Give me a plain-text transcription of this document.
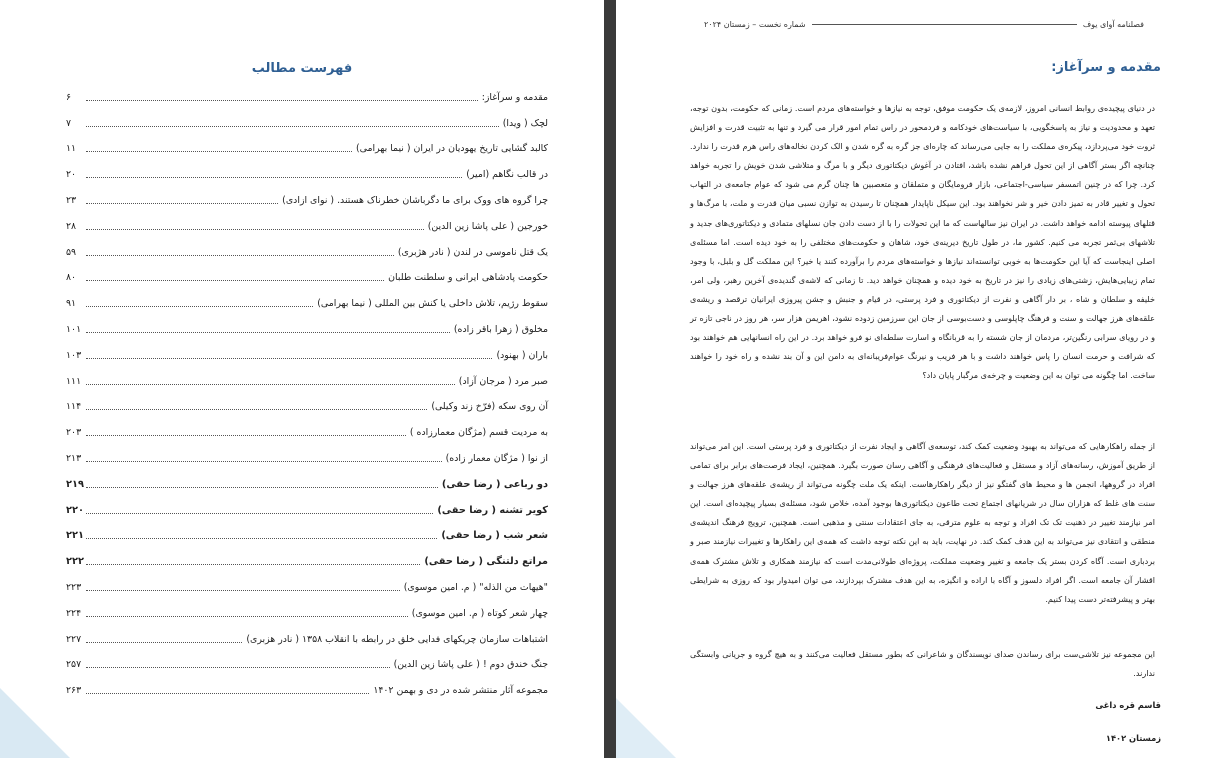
فهرست مطالب
مقدمه و سرآغاز:
۶
لچک ( ویدا)
۷
کالبد گشایی تاریخ یهودیان در ایران ( نیما بهرامی)
۱۱
در قالب نگاهم (امیر)
۲۰
چرا گروه های ووک برای ما دگرباشان خطرناک هستند. ( نوای ازادی)
۲۳
خورجین ( علی پاشا زین الدین)
۲۸
یک قتل ناموسی در لندن ( نادر هژبری)
۵۹
حکومت پادشاهی ایرانی و سلطنت طلبان
۸۰
سقوط رژیم، تلاش داخلی یا کنش بین المللی ( نیما بهرامی)
۹۱
مخلوق ( زهرا باقر زاده)
۱۰۱
باران ( بهنود)
۱۰۳
صبر مرد ( مرجان آزاد)
۱۱۱
آن روی سکه (فرّخ زند وکیلی)
۱۱۴
به مردیت قسم (مژگان معمارزاده )
۲۰۳
از نوا ( مژگان معمار زاده)
۲۱۳
دو رباعی ( رضا حقی)
۲۱۹
کویر تشنه ( رضا حقی)
۲۲۰
شعر شب ( رضا حقی)
۲۲۱
مراتع دلتنگی ( رضا حقی)
۲۲۲
"هیهات من الذله" ( م. امین موسوی)
۲۲۳
چهار شعر کوتاه ( م. امین موسوی)
۲۲۴
اشتباهات سازمان چریکهای فدایی خلق در رابطه با انقلاب ۱۳۵۸ ( نادر هزبری)
۲۲۷
جنگ خندق دوم ! ( علی پاشا زین الدین)
۲۵۷
مجموعه آثار منتشر شده در دی و بهمن ۱۴۰۲
۲۶۳
فصلنامه آوای یوف
شماره نخست – زمستان ۲۰۲۴
مقدمه و سرآغاز:

در دنیای پیچیده‌ی روابط انسانی امروز، لازمه‌ی یک حکومت موفق، توجه به نیازها و خواسته‌های مردم است. زمانی که حکومت، بدون توجه، تعهد و محدودیت و نیاز به پاسخگویی، با سیاست‌های خودکامه و فردمحور در راس تمام امور قرار می گیرد و تنها به تثبیت قدرت و افزایش ثروت خود می‌پردازد، پیکره‌ی مملکت را به جایی می‌رساند که چاره‌ای جز گره به گره شدن و الک کردن نخاله‌های راس هرم قدرت را ندارد. چنانچه اگر بستر آگاهی از این تحول فراهم نشده باشد، افتادن در آغوش دیکتاتوری دیگر و با مرگ و متلاشی شدن خویش را تجربه خواهد کرد. چرا که در چنین اتمسفر سیاسی-اجتماعی، بازار فرومایگان و متملقان و متعصبین ها چنان گرم می شود که عوام جامعه‌ی در التهاب تحول و تغییر قادر به تمیز دادن خیر و شر نخواهند بود. این سیکل ناپایدار همچنان تا رسیدن به توازن نسبی میان قدرت و ملت، با مرگ‌ها و قتلهای پیوسته ادامه خواهد داشت. در ایران نیز سالهاست که ما این تحولات را با از دست دادن جان نسلهای متمادی و دیکتاتوری‌های جدید و تلاشهای بی‌ثمر تجربه می کنیم. کشور ما، در طول تاریخ دیرینه‌ی خود، شاهان و حکومت‌های مختلفی را به خود دیده است. اما مسئله‌ی اصلی اینجاست که آیا این حکومت‌ها به خوبی توانسته‌اند نیازها و خواسته‌های مردم را برآورده کنند یا خیر؟ این مملکت گل و بلبل، با وجود تمام زیبایی‌هایش، زشتی‌های زیادی را نیز در تاریخ به خود دیده و همچنان خواهد دید. تا زمانی که لاشه‌ی گندیده‌ی آخرین رهبر، ولی امر، خلیفه و سلطان و شاه ، بر دار آگاهی و نفرت از دیکتاتوری و فرد پرستی، در قیام و جنبش و جشن پیروزی ایرانیان ترقصد و ریشه‌ی علقه‌های هرز جهالت و سنت و فرهنگ چاپلوسی و دست‌بوسی از جان این سرزمین زدوده نشود، اهریمن هزار سر، هر روز در ناجی تازه تر و در رویای سرابی رنگین‌تر، مردمان از جان شسته را به قربانگاه و اسارت سلطه‌ای نو فرو خواهد برد. در این راه انسانهایی هم خواهند بود که شرافت و حرمت انسان را پاس خواهند داشت و با هر فریب و نیرنگ عوام‌فریبانه‌ای به دامن این و آن بند نشده و راه خود را خواهند ساخت. اما چگونه می توان به این وضعیت و چرخه‌ی مرگبار پایان داد؟

از جمله راهکارهایی که می‌تواند به بهبود وضعیت کمک کند، توسعه‌ی آگاهی و ایجاد نفرت از دیکتاتوری و فرد پرستی است. این امر می‌تواند از طریق آموزش، رسانه‌های آزاد و مستقل و فعالیت‌های فرهنگی و آگاهی رسان صورت بگیرد. همچنین، ایجاد فرصت‌های برابر برای تمامی افراد در گروهها، انجمن ها و محیط های گفتگو نیز از دیگر راهکارهاست. اینکه یک ملت چگونه می‌تواند از ریشه‌ی علقه‌های هرز جهالت و سنت های غلط که هزاران سال در شریانهای اجتماع تحت طاعون دیکتاتوری‌ها بوجود آمده، خلاص شود، مسئله‌ی بسیار پیچیده‌ای است. این امر نیازمند تغییر در ذهنیت تک تک افراد و توجه به علوم مترقی، به جای اعتقادات سنتی و مذهبی است. همچنین، ترویج فرهنگ اندیشه‌ی منطقی و انتقادی نیز می‌تواند به این هدف کمک کند. در نهایت، باید به این نکته توجه داشت که همه‌ی این راهکارها و تغییرات نیازمند صبر و بردباری است. آگاه کردن بستر یک جامعه و تغییر وضعیت مملکت، پروژه‌ای طولانی‌مدت است که نیازمند همکاری و تلاش مشترک همه‌ی اقشار آن جامعه است. اگر افراد دلسوز و آگاه با اراده و انگیزه، به این هدف مشترک بپردازند، می توان امیدوار بود که روزی به شرایطی بهتر و پیشرفته‌تر دست پیدا کنیم.

این مجموعه نیز تلاشی‌ست برای رساندن صدای نویسندگان و شاعرانی که بطور مستقل فعالیت می‌کنند و به هیچ گروه و جریانی وابستگی ندارند.

قاسم قره داغی
زمستان ۱۴۰۲
